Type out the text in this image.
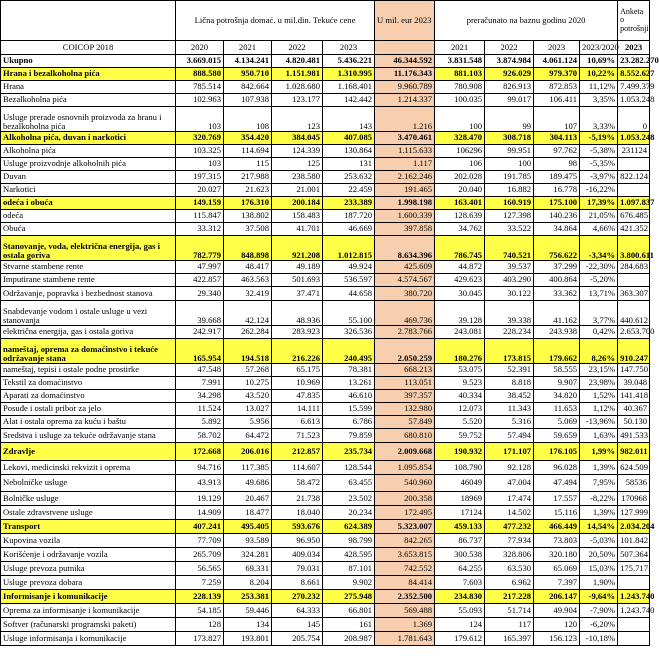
	Lična potrošnja domać. u mil.din. Tekuće cene				U mil. eur 2023	preračunato na baznu godinu 2020				Anketa o potrošnji
COICOP 2018	2020	2021	2022	2023		2021	2022	2023	2023/2020	2023
Ukupno	3.669.015	4.134.241	4.820.481	5.436.221	46.344.592	3.831.548	3.874.984	4.061.124	10,69%	23.282.270
Hrana i bezalkoholna pića	888.580	950.710	1.151.981	1.310.995	11.176.343	881.103	926.029	979.370	10,22%	8.552.627
Hrana	785.514	842.664	1.028.680	1.168.401	9.960.789	780.908	826.913	872.853	11,12%	7.499.379
Bezalkoholna pića	102.963	107.938	123.177	142.442	1.214.337	100.035	99.017	106.411	3,35%	1.053.248
Usluge prerade osnovnih proizvoda za hranu i bezalkoholna pića	103	108	123	143	1.216	100	99	107	3,33%	0
Alkoholna pića, duvan i narkotici	320.769	354.420	384.045	407.085	3.470.461	328.470	308.718	304.113	-5,19%	1.053.248
Alkoholna pića	103.325	114.694	124.339	130.864	1.115.633	106296	99.951	97.762	-5,38%	231124
Usluge proizvodnje alkoholnih pića	103	115	125	131	1.117	106	100	98	-5,35%	
Duvan	197.315	217.988	238.580	253.632	2.162.246	202.028	191.785	189.475	-3,97%	822.124
Narkotici	20.027	21.623	21.001	22.459	191.465	20.040	16.882	16.778	-16,22%	
odeća i obuća	149.159	176.310	200.184	233.389	1.998.198	163.401	160.919	175.100	17,39%	1.097.837
odeća	115.847	138.802	158.483	187.720	1.600.339	128.639	127.398	140.236	21,05%	676.485
Obuća	33.312	37.508	41.701	46.669	397.858	34.762	33.522	34.864	4,66%	421.352
Stanovanje, voda, električna energija, gas i ostala goriva	782.779	848.898	921.208	1.012.815	8.634.396	786.745	740.521	756.622	-3,34%	3.800.611
Stvarne stambene rente	47.997	48.417	49.189	49.924	425.609	44.872	39.537	37.299	-22,30%	284.683
Imputirane stambene rente	422.857	463.563	501.693	536.597	4.574.567	429.623	403.290	400.864	-5,20%	
Održavanje, popravka i bezbednost stanova	29.340	32.419	37.471	44.658	380.720	30.045	30.122	33.362	13,71%	363.307
Snabdevanje vodom i ostale usluge u vezi stanovanja	39.668	42.124	48.936	55.100	469.736	39.128	39.338	41.162	3,77%	440.612
električna energija, gas i ostala goriva	242.917	262.284	283.923	326.536	2.783.766	243.081	228.234	243.938	0,42%	2.653.700
nameštaj, oprema za domaćinstvo i tekuće održavanje stana	165.954	194.518	216.226	240.495	2.050.259	180.276	173.815	179.662	8,26%	910.247
nameštaj, tepisi i ostale podne prostirke	47.548	57.268	65.175	78.381	668.213	53.075	52.391	58.555	23,15%	147.750
Tekstil za domaćinstvo	7.991	10.275	10.969	13.261	113.051	9.523	8.818	9.907	23,98%	39.048
Aparati za domaćinstvo	34.298	43.520	47.835	46.610	397.357	40.334	38.452	34.820	1,52%	141.418
Posuđe i ostali pribor za jelo	11.524	13.027	14.111	15.599	132.980	12.073	11.343	11.653	1,12%	40.367
Alat i ostala oprema za kuću i baštu	5.892	5.956	6.613	6.786	57.849	5.520	5.316	5.069	-13,96%	50.130
Sredstva i usluge za tekuće održavanje stana	58.702	64.472	71.523	79.859	680.810	59.752	57.494	59.659	1,63%	491.533
Zdravlje	172.668	206.016	212.857	235.734	2.009.668	190.932	171.107	176.105	1,99%	982.011
Lekovi, medicinski rekvizit i oprema	94.716	117.385	114.607	128.544	1.095.854	108.790	92.128	96.028	1,39%	624.509
Nebolničke usluge	43.913	49.686	58.472	63.455	540.960	46049	47.004	47.494	7,95%	58536
Bolničke usluge	19.129	20.467	21.738	23.502	200.358	18969	17.474	17.557	-8,22%	170968
Ostale zdravstvene usluge	14.909	18.477	18.040	20.234	172.495	17124	14.502	15.116	1,39%	127.999
Transport	407.241	495.405	593.676	624.389	5.323.007	459.133	477.232	466.449	14,54%	2.034.204
Kupovina vozila	77.709	93.589	96.950	98.799	842.265	86.737	77.934	73.803	-5,03%	101.842
Korišćenje i održavanje vozila	265.709	324.281	409.034	428.595	3.653.815	300.538	328.806	320.180	20,50%	507.364
Usluge prevoza putnika	56.565	69.331	79.031	87.101	742.552	64.255	63.530	65.069	15,03%	175.717
Usluge prevoza dobara	7.259	8.204	8.661	9.902	84.414	7.603	6.962	7.397	1,90%	
Informisanje i komunikacije	228.139	253.381	270.232	275.948	2.352.500	234.830	217.228	206.147	-9,64%	1.243.740
Oprema za informisanje i komunikacije	54.185	59.446	64.333	66.801	569.488	55.093	51.714	49.904	-7,90%	1.243.740
Softver (računarski programski paketi)	128	134	145	161	1.369	124	117	120	-6,20%	
Usluge informisanja i komunikacije	173.827	193.801	205.754	208.987	1.781.643	179.612	165.397	156.123	-10,18%	
